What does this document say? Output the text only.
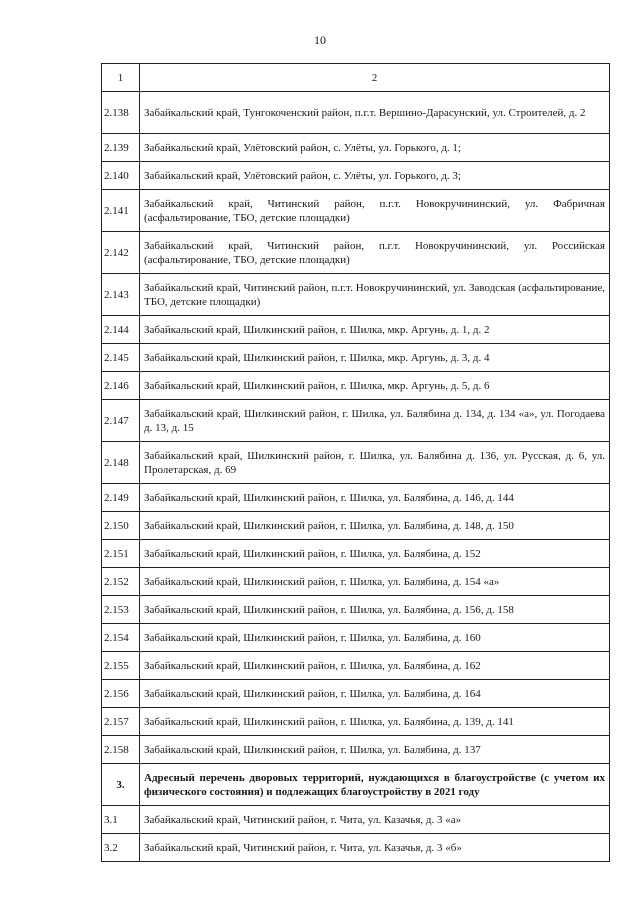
10
1	2
2.138	Забайкальский край, Тунгокоченский район, п.г.т. Вершино-Дарасунский, ул. Строителей, д. 2
2.139	Забайкальский край, Улётовский район, с. Улёты, ул. Горького, д. 1;
2.140	Забайкальский край, Улётовский район, с. Улёты, ул. Горького, д. 3;
2.141	Забайкальский край, Читинский район, п.г.т. Новокручининский, ул. Фабричная (асфальтирование, ТБО, детские площадки)
2.142	Забайкальский край, Читинский район, п.г.т. Новокручининский, ул. Российская (асфальтирование, ТБО, детские площадки)
2.143	Забайкальский край, Читинский район, п.г.т. Новокручининский, ул. Заводская (асфальтирование, ТБО, детские площадки)
2.144	Забайкальский край, Шилкинский район, г. Шилка, мкр. Аргунь, д. 1, д. 2
2.145	Забайкальский край, Шилкинский район, г. Шилка, мкр. Аргунь, д. 3, д. 4
2.146	Забайкальский край, Шилкинский район, г. Шилка, мкр. Аргунь, д. 5, д. 6
2.147	Забайкальский край, Шилкинский район, г. Шилка, ул. Балябина д. 134, д. 134 «а», ул. Погодаева д. 13, д. 15
2.148	Забайкальский край, Шилкинский район, г. Шилка, ул. Балябина д. 136, ул. Русская, д. 6, ул. Пролетарская, д. 69
2.149	Забайкальский край, Шилкинский район, г. Шилка, ул. Балябина, д. 146, д. 144
2.150	Забайкальский край, Шилкинский район, г. Шилка, ул. Балябина, д. 148, д. 150
2.151	Забайкальский край, Шилкинский район, г. Шилка, ул. Балябина, д. 152
2.152	Забайкальский край, Шилкинский район, г. Шилка, ул. Балябина, д. 154 «а»
2.153	Забайкальский край, Шилкинский район, г. Шилка, ул. Балябина, д. 156, д. 158
2.154	Забайкальский край, Шилкинский район, г. Шилка, ул. Балябина, д. 160
2.155	Забайкальский край, Шилкинский район, г. Шилка, ул. Балябина, д. 162
2.156	Забайкальский край, Шилкинский район, г. Шилка, ул. Балябина, д. 164
2.157	Забайкальский край, Шилкинский район, г. Шилка, ул. Балябина, д. 139, д. 141
2.158	Забайкальский край, Шилкинский район, г. Шилка, ул. Балябина, д. 137
3.	Адресный перечень дворовых территорий, нуждающихся в благоустройстве (с учетом их физического состояния) и подлежащих благоустройству в 2021 году
3.1	Забайкальский край, Читинский район, г. Чита, ул. Казачья, д. 3 «а»
3.2	Забайкальский край, Читинский район, г. Чита, ул. Казачья, д. 3 «б»
